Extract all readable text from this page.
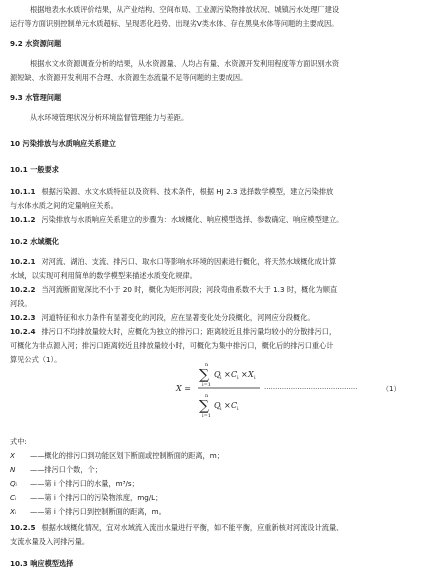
根据地表水水质评价结果，从产业结构、空间布局、工业源污染物排放状况、城镇污水处理厂建设
运行等方面识别控制单元水质超标、呈现恶化趋势、出现劣V类水体、存在黑臭水体等问题的主要成因。
9.2 水资源问题
根据水文水资源调查分析的结果，从水资源量、人均占有量、水资源开发利用程度等方面识别水资
源短缺、水资源开发利用不合理、水资源生态流量不足等问题的主要成因。
9.3 水管理问题
从水环境管理状况分析环境监督管理能力与差距。
10 污染排放与水质响应关系建立
10.1 一般要求
10.1.1 根据污染源、水文水质特征以及资料、技术条件，根据 HJ 2.3 选择数学模型，建立污染排放
与水体水质之间的定量响应关系。
10.1.2 污染排放与水质响应关系建立的步骤为：水域概化、响应模型选择、参数确定、响应模型建立。
10.2 水域概化
10.2.1 对河流、湖泊、支流、排污口、取水口等影响水环境的因素进行概化，将天然水域概化成计算
水域，以实现可利用简单的数学模型来描述水质变化规律。
10.2.2 当河流断面宽深比不小于 20 时，概化为矩形河段；河段弯曲系数不大于 1.3 时，概化为顺直
河段。
10.2.3 河道特征和水力条件有显著变化的河段，应在显著变化处分段概化，河网应分段概化。
10.2.4 排污口不均排放量较大时，应概化为独立的排污口；距离较近且排污量均较小的分散排污口，
可概化为非点源入河；排污口距离较近且排放量较小时，可概化为集中排污口，概化后的排污口重心计
算见公式（1）。
X =
n
∑
i=1
Q i × C i × X i
n
∑
i=1
Q i × C i
··········································	（1）
式中:
X ——概化的排污口到功能区划下断面或控制断面的距离，m；
N ——排污口个数，个；
Qᵢ ——第 i 个排污口的水量，m³/s；
Cᵢ ——第 i 个排污口的污染物浓度，mg/L；
Xᵢ ——第 i 个排污口到控制断面的距离，m。
10.2.5 根据水域概化情况，宜对水域流入流出水量进行平衡，如不能平衡，应重新核对河流设计流量、
支流水量及入河排污量。
10.3 响应模型选择
